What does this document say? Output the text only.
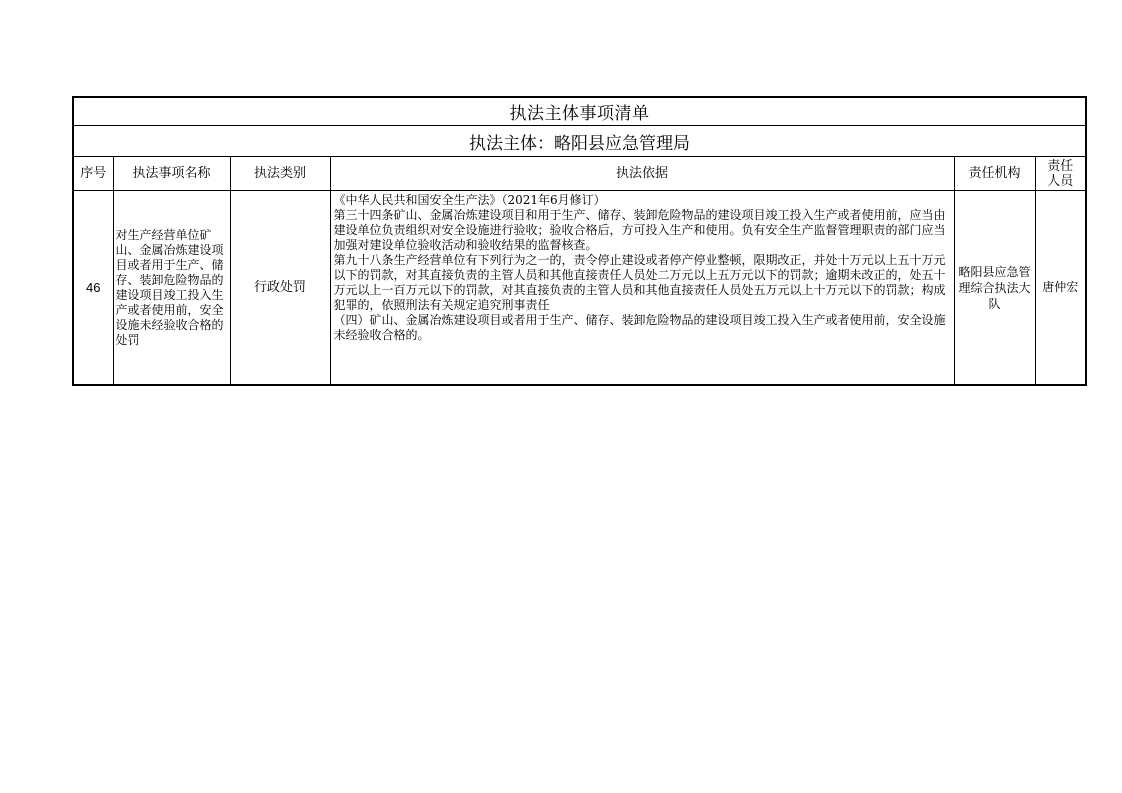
执法主体事项清单					
执法主体：略阳县应急管理局					
序号	执法事项名称	执法类别	执法依据	责任机构	责任人员
46	对生产经营单位矿山、金属冶炼建设项目或者用于生产、储存、装卸危险物品的建设项目竣工投入生产或者使用前，安全设施未经验收合格的处罚	行政处罚	《中华人民共和国安全生产法》（2021年6月修订）

第三十四条矿山、金属冶炼建设项目和用于生产、储存、装卸危险物品的建设项目竣工投入生产或者使用前，应当由建设单位负责组织对安全设施进行验收；验收合格后，方可投入生产和使用。负有安全生产监督管理职责的部门应当加强对建设单位验收活动和验收结果的监督核查。

第九十八条生产经营单位有下列行为之一的，责令停止建设或者停产停业整顿，限期改正，并处十万元以上五十万元以下的罚款，对其直接负责的主管人员和其他直接责任人员处二万元以上五万元以下的罚款；逾期未改正的，处五十万元以上一百万元以下的罚款，对其直接负责的主管人员和其他直接责任人员处五万元以上十万元以下的罚款；构成犯罪的，依照刑法有关规定追究刑事责任

（四）矿山、金属冶炼建设项目或者用于生产、储存、装卸危险物品的建设项目竣工投入生产或者使用前，安全设施未经验收合格的。	略阳县应急管理综合执法大队	唐仲宏
